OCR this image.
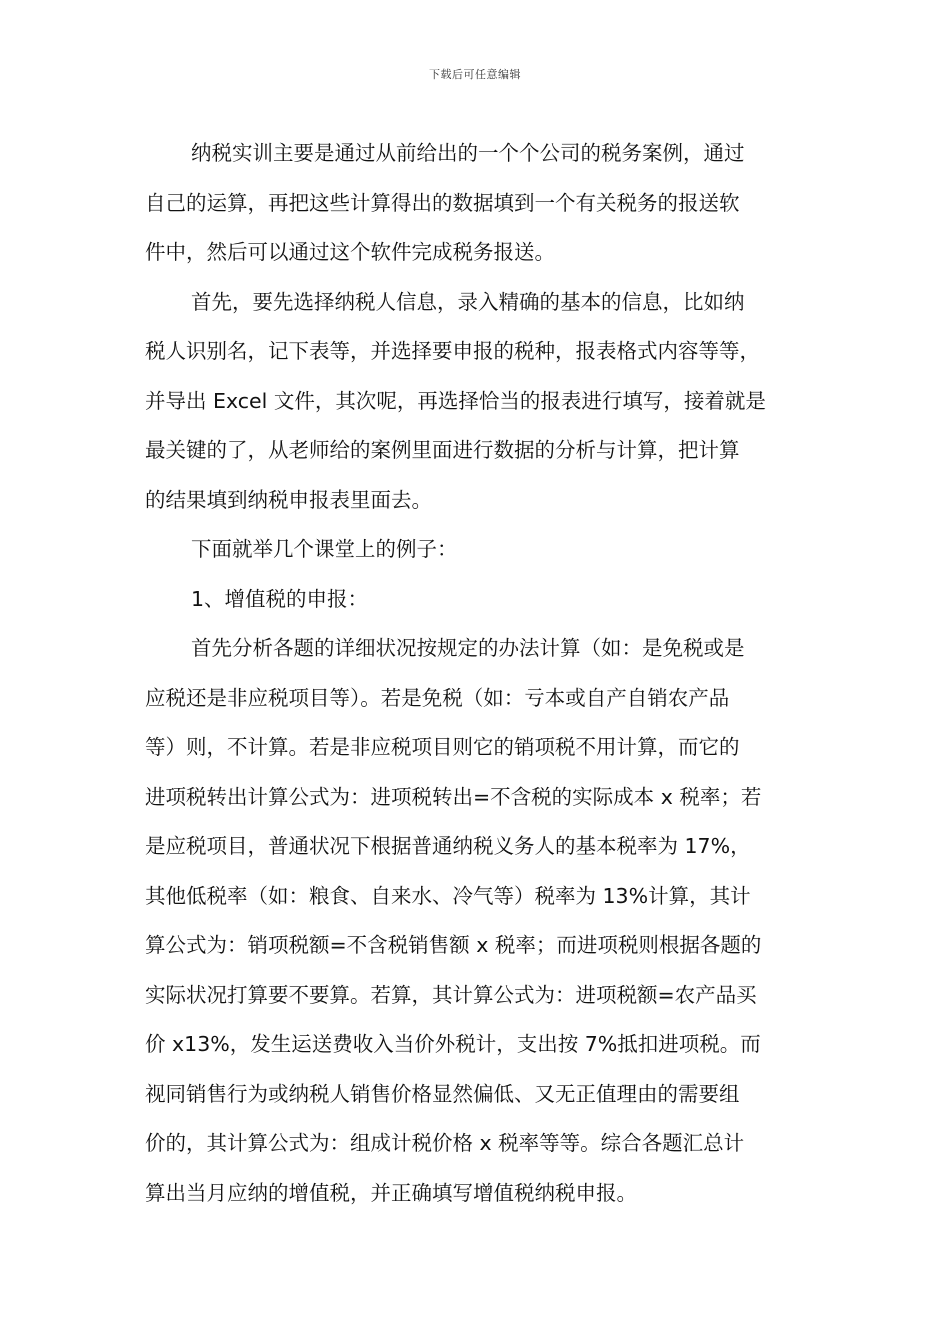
下载后可任意编辑
纳税实训主要是通过从前给出的一个个公司的税务案例，通过
自己的运算，再把这些计算得出的数据填到一个有关税务的报送软
件中，然后可以通过这个软件完成税务报送。
首先，要先选择纳税人信息，录入精确的基本的信息，比如纳
税人识别名，记下表等，并选择要申报的税种，报表格式内容等等，
并导出 Excel 文件，其次呢，再选择恰当的报表进行填写，接着就是
最关键的了，从老师给的案例里面进行数据的分析与计算，把计算
的结果填到纳税申报表里面去。
下面就举几个课堂上的例子：
1、增值税的申报：
首先分析各题的详细状况按规定的办法计算（如：是免税或是
应税还是非应税项目等）。若是免税（如：亏本或自产自销农产品
等）则，不计算。若是非应税项目则它的销项税不用计算，而它的
进项税转出计算公式为：进项税转出=不含税的实际成本 x 税率；若
是应税项目，普通状况下根据普通纳税义务人的基本税率为 17%，
其他低税率（如：粮食、自来水、冷气等）税率为 13%计算，其计
算公式为：销项税额=不含税销售额 x 税率；而进项税则根据各题的
实际状况打算要不要算。若算，其计算公式为：进项税额=农产品买
价 x13%，发生运送费收入当价外税计，支出按 7%抵扣进项税。而
视同销售行为或纳税人销售价格显然偏低、又无正值理由的需要组
价的，其计算公式为：组成计税价格 x 税率等等。综合各题汇总计
算出当月应纳的增值税，并正确填写增值税纳税申报。
